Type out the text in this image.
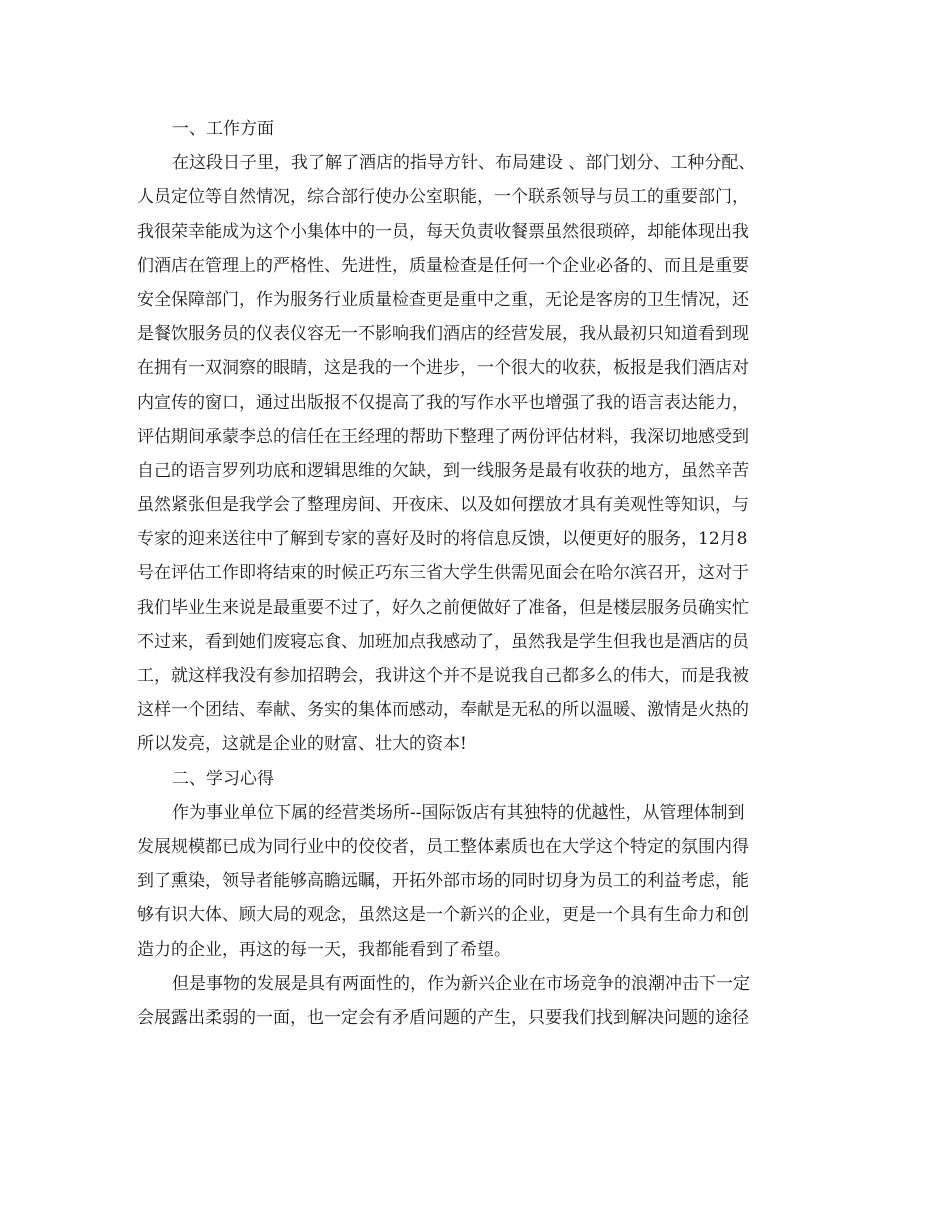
一、工作方面
在这段日子里，我了解了酒店的指导方针、布局建设 、部门划分、工种分配、
人员定位等自然情况，综合部行使办公室职能，一个联系领导与员工的重要部门，
我很荣幸能成为这个小集体中的一员，每天负责收餐票虽然很琐碎，却能体现出我
们酒店在管理上的严格性、先进性，质量检查是任何一个企业必备的、而且是重要
安全保障部门，作为服务行业质量检查更是重中之重，无论是客房的卫生情况，还
是餐饮服务员的仪表仪容无一不影响我们酒店的经营发展，我从最初只知道看到现
在拥有一双洞察的眼睛，这是我的一个进步，一个很大的收获，板报是我们酒店对
内宣传的窗口，通过出版报不仅提高了我的写作水平也增强了我的语言表达能力，
评估期间承蒙李总的信任在王经理的帮助下整理了两份评估材料，我深切地感受到
自己的语言罗列功底和逻辑思维的欠缺，到一线服务是最有收获的地方，虽然辛苦
虽然紧张但是我学会了整理房间、开夜床、以及如何摆放才具有美观性等知识，与
专家的迎来送往中了解到专家的喜好及时的将信息反馈，以便更好的服务，12月8
号在评估工作即将结束的时候正巧东三省大学生供需见面会在哈尔滨召开，这对于
我们毕业生来说是最重要不过了，好久之前便做好了准备，但是楼层服务员确实忙
不过来，看到她们废寝忘食、加班加点我感动了，虽然我是学生但我也是酒店的员
工，就这样我没有参加招聘会，我讲这个并不是说我自己都多么的伟大，而是我被
这样一个团结、奉献、务实的集体而感动，奉献是无私的所以温暖、激情是火热的
所以发亮，这就是企业的财富、壮大的资本!
二、学习心得
作为事业单位下属的经营类场所--国际饭店有其独特的优越性，从管理体制到
发展规模都已成为同行业中的佼佼者，员工整体素质也在大学这个特定的氛围内得
到了熏染，领导者能够高瞻远瞩，开拓外部市场的同时切身为员工的利益考虑，能
够有识大体、顾大局的观念，虽然这是一个新兴的企业，更是一个具有生命力和创
造力的企业，再这的每一天，我都能看到了希望。
但是事物的发展是具有两面性的，作为新兴企业在市场竞争的浪潮冲击下一定
会展露出柔弱的一面，也一定会有矛盾问题的产生，只要我们找到解决问题的途径
